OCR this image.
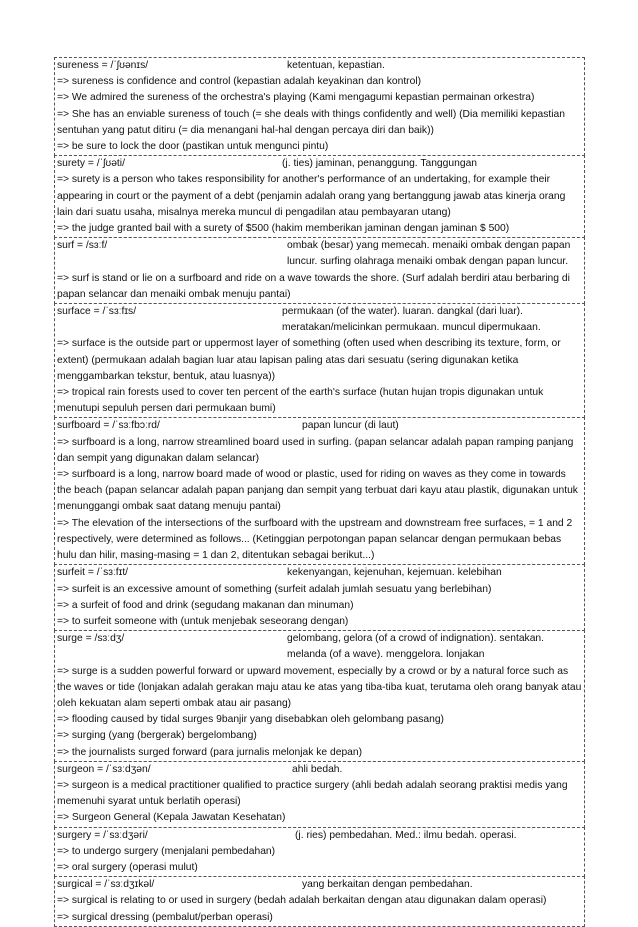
sureness = /ˈʃʊənɪs/	ketentuan, kepastian.
=> sureness is confidence and control (kepastian adalah keyakinan dan kontrol)
=> We admired the sureness of the orchestra's playing (Kami mengagumi kepastian permainan orkestra)
=> She has an enviable sureness of touch (= she deals with things confidently and well) (Dia memiliki kepastian sentuhan yang patut ditiru (= dia menangani hal-hal dengan percaya diri dan baik))
=> be sure to lock the door (pastikan untuk mengunci pintu)
surety = /ˈʃʊəti/	(j. ties) jaminan, penanggung. Tanggungan
=> surety is a person who takes responsibility for another's performance of an undertaking, for example their appearing in court or the payment of a debt (penjamin adalah orang yang bertanggung jawab atas kinerja orang lain dari suatu usaha, misalnya mereka muncul di pengadilan atau pembayaran utang)
=> the judge granted bail with a surety of $500 (hakim memberikan jaminan dengan jaminan $ 500)
surf = /sɜːf/	ombak (besar) yang memecah. menaiki ombak dengan papan luncur. surfing olahraga menaiki ombak dengan papan luncur.
=> surf is stand or lie on a surfboard and ride on a wave towards the shore. (Surf adalah berdiri atau berbaring di papan selancar dan menaiki ombak menuju pantai)
surface = /ˈsɜːfɪs/	permukaan (of the water). luaran. dangkal (dari luar). meratakan/melicinkan permukaan. muncul dipermukaan.
=> surface is the outside part or uppermost layer of something (often used when describing its texture, form, or extent) (permukaan adalah bagian luar atau lapisan paling atas dari sesuatu (sering digunakan ketika menggambarkan tekstur, bentuk, atau luasnya))
=> tropical rain forests used to cover ten percent of the earth's surface (hutan hujan tropis digunakan untuk menutupi sepuluh persen dari permukaan bumi)
surfboard = /ˈsɜːfbɔːrd/	papan luncur (di laut)
=> surfboard is a long, narrow streamlined board used in surfing. (papan selancar adalah papan ramping panjang dan sempit yang digunakan dalam selancar)
=> surfboard is a long, narrow board made of wood or plastic, used for riding on waves as they come in towards the beach (papan selancar adalah papan panjang dan sempit yang terbuat dari kayu atau plastik, digunakan untuk menunggangi ombak saat datang menuju pantai)
=> The elevation of the intersections of the surfboard with the upstream and downstream free surfaces, = 1 and 2 respectively, were determined as follows... (Ketinggian perpotongan papan selancar dengan permukaan bebas hulu dan hilir, masing-masing = 1 dan 2, ditentukan sebagai berikut...)
surfeit = /ˈsɜːfɪt/	kekenyangan, kejenuhan, kejemuan. kelebihan
=> surfeit is an excessive amount of something (surfeit adalah jumlah sesuatu yang berlebihan)
=> a surfeit of food and drink (segudang makanan dan minuman)
=> to surfeit someone with (untuk menjebak seseorang dengan)
surge = /sɜːdʒ/	gelombang, gelora (of a crowd of indignation). sentakan. melanda (of a wave). menggelora. lonjakan
=> surge is a sudden powerful forward or upward movement, especially by a crowd or by a natural force such as the waves or tide (lonjakan adalah gerakan maju atau ke atas yang tiba-tiba kuat, terutama oleh orang banyak atau oleh kekuatan alam seperti ombak atau air pasang)
=> flooding caused by tidal surges 9banjir yang disebabkan oleh gelombang pasang)
=> surging (yang (bergerak) bergelombang)
=> the journalists surged forward (para jurnalis melonjak ke depan)
surgeon = /ˈsɜːdʒən/	ahli bedah.
=> surgeon is a medical practitioner qualified to practice surgery (ahli bedah adalah seorang praktisi medis yang memenuhi syarat untuk berlatih operasi)
=> Surgeon General (Kepala Jawatan Kesehatan)
surgery = /ˈsɜːdʒəri/	(j. ries) pembedahan. Med.: ilmu bedah. operasi.
=> to undergo surgery (menjalani pembedahan)
=> oral surgery (operasi mulut)
surgical = /ˈsɜːdʒɪkəl/	yang berkaitan dengan pembedahan.
=> surgical is relating to or used in surgery (bedah adalah berkaitan dengan atau digunakan dalam operasi)
=> surgical dressing (pembalut/perban operasi)
